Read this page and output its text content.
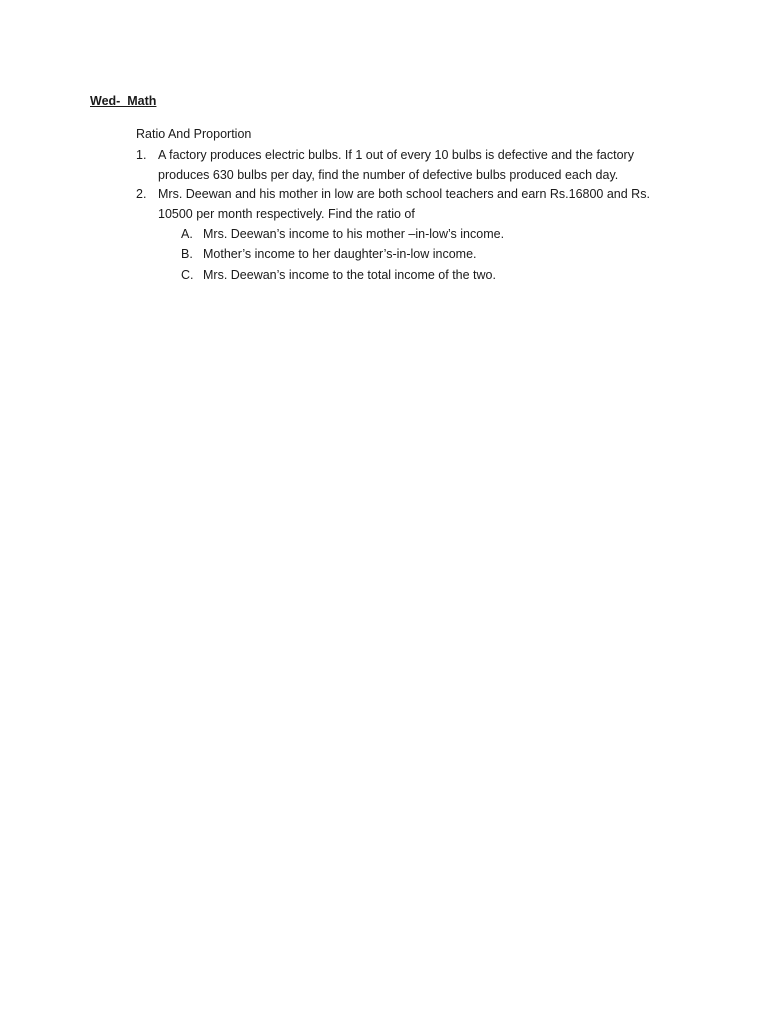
Wed-  Math
Ratio And Proportion
1. A factory produces electric bulbs. If 1 out of every 10 bulbs is defective and the factory produces 630 bulbs per day, find the number of defective bulbs produced each day.
2. Mrs. Deewan and his mother in low are both school teachers and earn Rs.16800 and Rs. 10500 per month respectively. Find the ratio of
A. Mrs. Deewan’s income to his mother –in-low’s income.
B. Mother’s income to her daughter’s-in-low income.
C. Mrs. Deewan’s income to the total income of the two.
